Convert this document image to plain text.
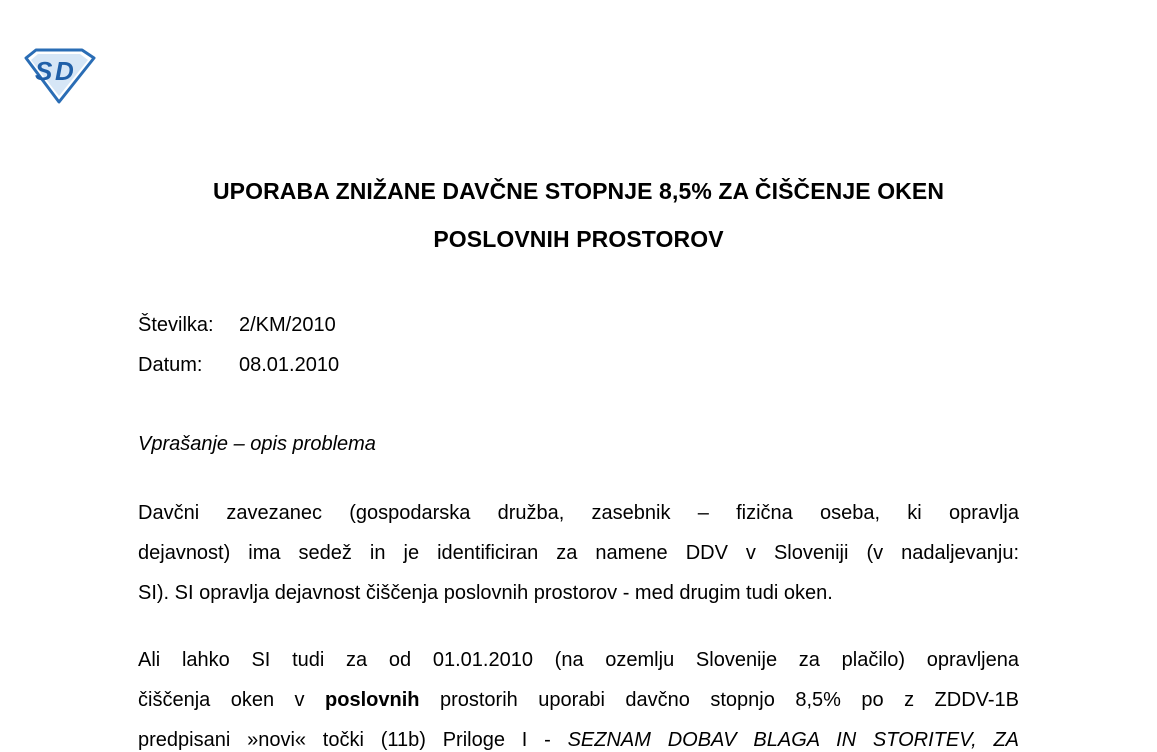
S D
UPORABA ZNIŽANE DAVČNE STOPNJE 8,5% ZA ČIŠČENJE OKEN
POSLOVNIH PROSTOROV
Številka: 2/KM/2010
Datum: 08.01.2010
Vprašanje – opis problema
Davčni zavezanec (gospodarska družba, zasebnik – fizična oseba, ki opravlja
dejavnost) ima sedež in je identificiran za namene DDV v Sloveniji (v nadaljevanju:
SI). SI opravlja dejavnost čiščenja poslovnih prostorov - med drugim tudi oken.
Ali lahko SI tudi za od 01.01.2010 (na ozemlju Slovenije za plačilo) opravljena
čiščenja oken v poslovnih prostorih uporabi davčno stopnjo 8,5% po z ZDDV-1B
predpisani »novi« točki (11b) Priloge I - SEZNAM DOBAV BLAGA IN STORITEV, ZA
